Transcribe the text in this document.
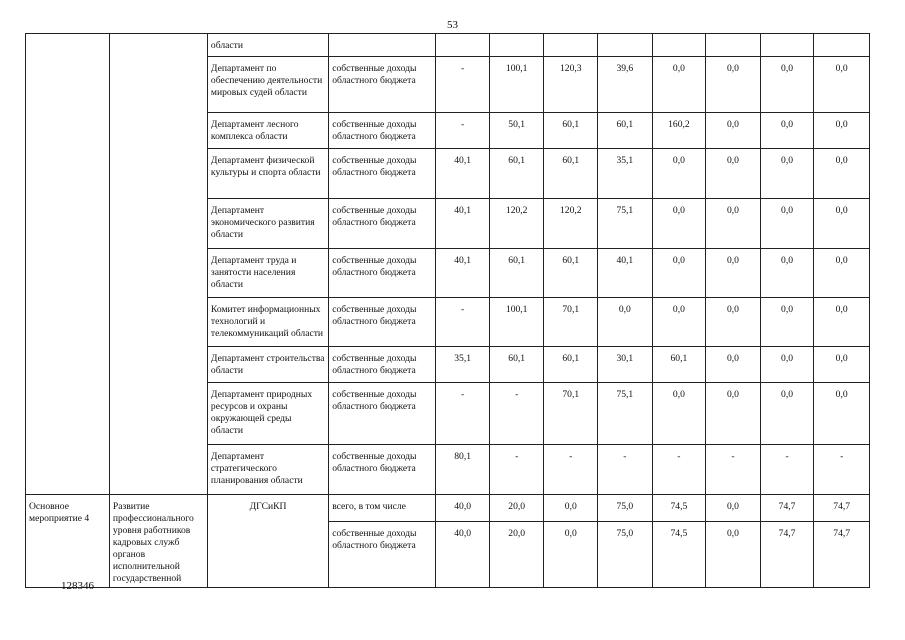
53
		области									
		Департамент по обеспечению деятельности мировых судей области	собственные доходы областного бюджета	-	100,1	120,3	39,6	0,0	0,0	0,0	0,0
		Департамент лесного комплекса области	собственные доходы областного бюджета	-	50,1	60,1	60,1	160,2	0,0	0,0	0,0
		Департамент физической культуры и спорта области	собственные доходы областного бюджета	40,1	60,1	60,1	35,1	0,0	0,0	0,0	0,0
		Департамент экономического развития области	собственные доходы областного бюджета	40,1	120,2	120,2	75,1	0,0	0,0	0,0	0,0
		Департамент труда и занятости населения области	собственные доходы областного бюджета	40,1	60,1	60,1	40,1	0,0	0,0	0,0	0,0
		Комитет информационных технологий и телекоммуникаций области	собственные доходы областного бюджета	-	100,1	70,1	0,0	0,0	0,0	0,0	0,0
		Департамент строительства области	собственные доходы областного бюджета	35,1	60,1	60,1	30,1	60,1	0,0	0,0	0,0
		Департамент природных ресурсов и охраны окружающей среды области	собственные доходы областного бюджета	-	-	70,1	75,1	0,0	0,0	0,0	0,0
		Департамент стратегического планирования области	собственные доходы областного бюджета	80,1	-	-	-	-	-	-	-
Основное мероприятие 4	Развитие профессионального уровня работников кадровых служб органов исполнительной государственной	ДГСиКП	всего, в том числе	40,0	20,0	0,0	75,0	74,5	0,0	74,7	74,7
			собственные доходы областного бюджета	40,0	20,0	0,0	75,0	74,5	0,0	74,7	74,7
128346
